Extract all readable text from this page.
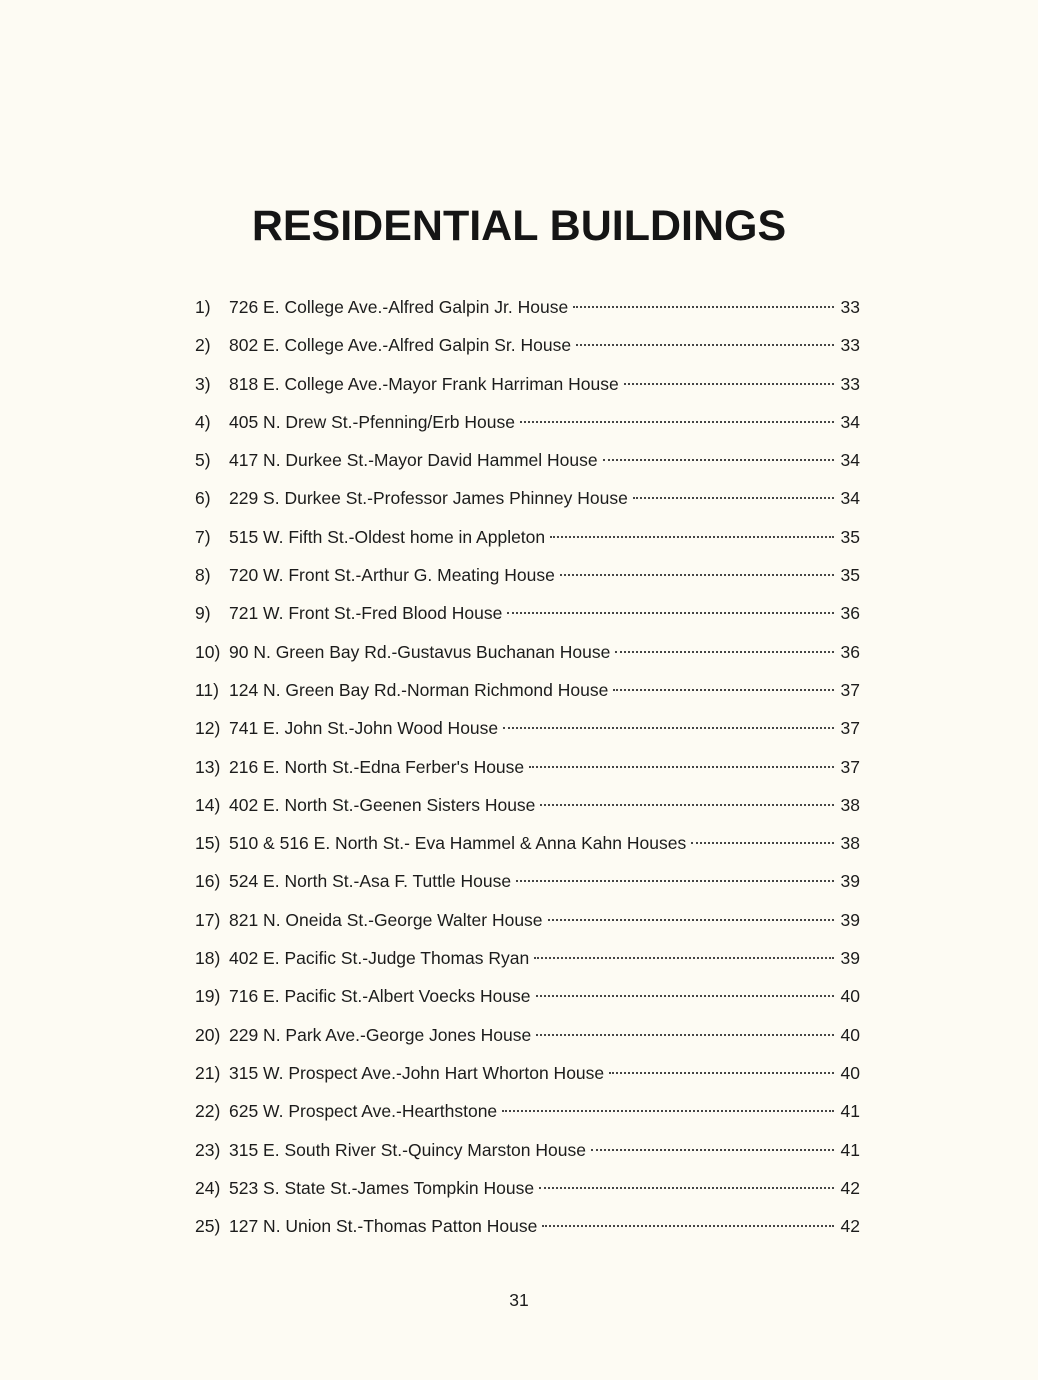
RESIDENTIAL BUILDINGS
1)	726 E. College Ave.-Alfred Galpin Jr. House	33
2)	802 E. College Ave.-Alfred Galpin Sr. House	33
3)	818 E. College Ave.-Mayor Frank Harriman House	33
4)	405 N. Drew St.-Pfenning/Erb House	34
5)	417 N. Durkee St.-Mayor David Hammel House	34
6)	229 S. Durkee St.-Professor James Phinney House	34
7)	515 W. Fifth St.-Oldest home in Appleton	35
8)	720 W. Front St.-Arthur G. Meating House	35
9)	721 W. Front St.-Fred Blood House	36
10) 90 N. Green Bay Rd.-Gustavus Buchanan House	36
11) 124 N. Green Bay Rd.-Norman Richmond House	37
12) 741 E. John St.-John Wood House	37
13) 216 E. North St.-Edna Ferber's House	37
14) 402 E. North St.-Geenen Sisters House	38
15) 510 & 516 E. North St.- Eva Hammel & Anna Kahn Houses	38
16) 524 E. North St.-Asa F. Tuttle House	39
17) 821 N. Oneida St.-George Walter House	39
18) 402 E. Pacific St.-Judge Thomas Ryan	39
19) 716 E. Pacific St.-Albert Voecks House	40
20) 229 N. Park Ave.-George Jones House	40
21) 315 W. Prospect Ave.-John Hart Whorton House	40
22) 625 W. Prospect Ave.-Hearthstone	41
23) 315 E. South River St.-Quincy Marston House	41
24) 523 S. State St.-James Tompkin House	42
25) 127 N. Union St.-Thomas Patton House	42
31
